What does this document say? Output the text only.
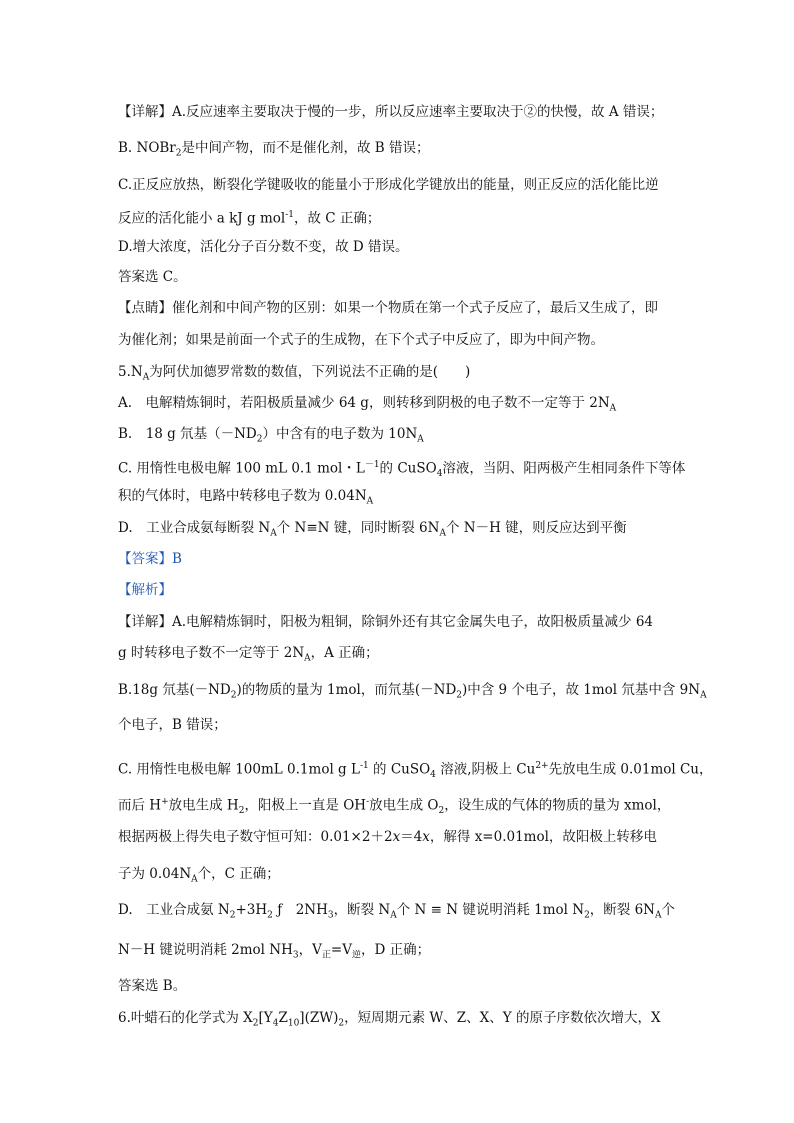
【详解】 A.反应速率主要取决于慢的一步，所以反应速率主要取决于②的快慢，故 A 错误；
B. NOBr$_2$是中间产物，而不是催化剂，故 B 错误；
C.正反应放热，断裂化学键吸收的能量小于形成化学键放出的能量，则正反应的活化能比逆
反应的活化能小 a kJ g mol$^{-1}$，故 C 正确；
D.增大浓度，活化分子百分数不变，故 D 错误。
答案选 C。
【点睛】催化剂和中间产物的区别：如果一个物质在第一个式子反应了，最后又生成了，即
为催化剂；如果是前面一个式子的生成物，在下个式子中反应了，即为中间产物。
$5.N_A$为阿伏加德罗常数的数值，下列说法不正确的是(　　)
A.　电解精炼铜时，若阳极质量减少 64 g，则转移到阴极的电子数不一定等于 $2N_A$
B.　18 g 氘基$(-ND_2)$中含有的电子数为 $10N_A$
C. 用惰性电极电解 100 mL 0.1 mol・$L^{-1}$的 CuSO$_4$溶液，当阴、阳两极产生相同条件下等体
积的气体时，电路中转移电子数为 $0.04N_A$
D.　工业合成氨每断裂 $N_A$个 N≡N 键，同时断裂 $6N_A$个 N－H 键，则反应达到平衡
【答案】B
【解析】
【详解】A.电解精炼铜时，阳极为粗铜，除铜外还有其它金属失电子，故阳极质量减少 64
g 时转移电子数不一定等于 $2N_A$，A 正确；
B.18g 氘基$(-ND_2)$的物质的量为 1mol，而氘基$(-ND_2)$中含 9 个电子，故 1mol 氘基中含 $9N_A$
个电子，B 错误；
C. 用惰性电极电解 100mL 0.1mol g $L^{-1}$ 的 CuSO$_4$ 溶液,阴极上 $Cu^{2+}$先放电生成 0.01mol Cu，
而后 H+放电生成 $H_2$，阳极上一直是 OH-放电生成 $O_2$，设生成的气体的物质的量为 xmol，
根据两极上得失电子数守恒可知：0.01×2＋2x＝4x，解得 x=0.01mol，故阳极上转移电
子为 $0.04N_A$个，C 正确；
D.　工业合成氨 $N_2+3H_2$ ƒ　$2NH_3$，断裂 $N_A$个 N ≡ N 键说明消耗 1mol $N_2$，断裂 $6N_A$个
N－H 键说明消耗 2mol $NH_3$，$V_正=V_逆$，D 正确；
答案选 B。
6.叶蜡石的化学式为 $X_2[Y_4Z_{10}](ZW)_2$，短周期元素 W、Z、X、Y 的原子序数依次增大，X
